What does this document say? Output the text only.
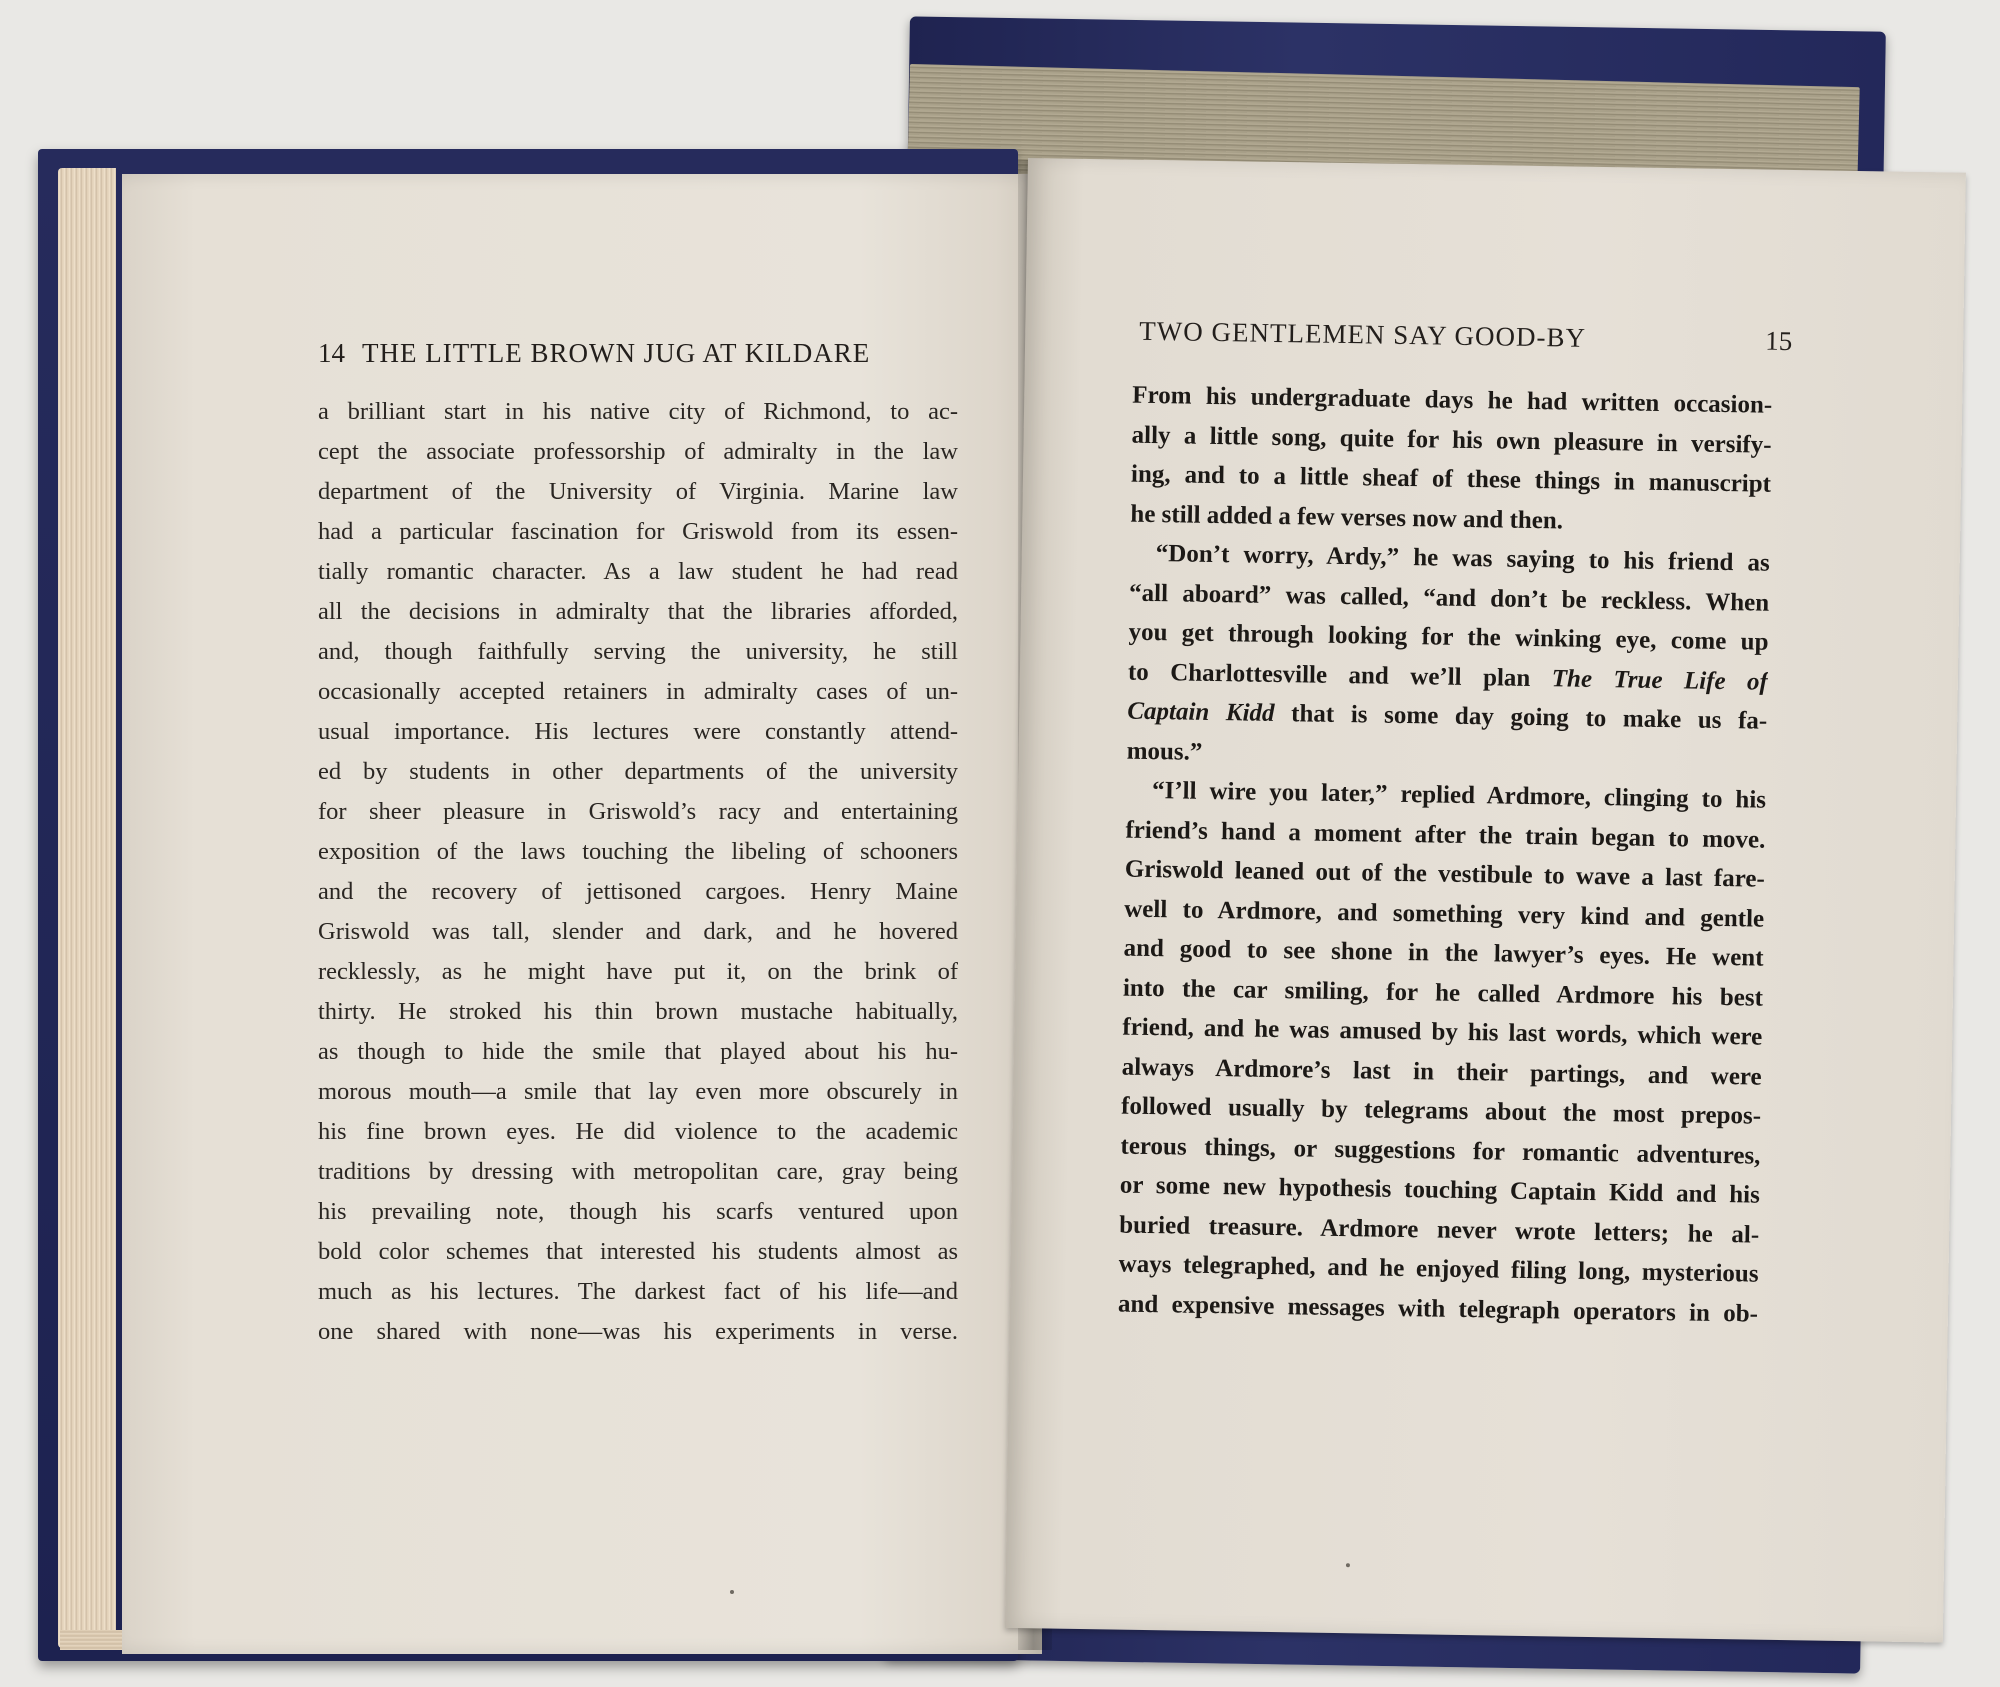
14 THE LITTLE BROWN JUG AT KILDARE
a brilliant start in his native city of Richmond, to ac-
cept the associate professorship of admiralty in the law
department of the University of Virginia. Marine law
had a particular fascination for Griswold from its essen-
tially romantic character. As a law student he had read
all the decisions in admiralty that the libraries afforded,
and, though faithfully serving the university, he still
occasionally accepted retainers in admiralty cases of un-
usual importance. His lectures were constantly attend-
ed by students in other departments of the university
for sheer pleasure in Griswold’s racy and entertaining
exposition of the laws touching the libeling of schooners
and the recovery of jettisoned cargoes. Henry Maine
Griswold was tall, slender and dark, and he hovered
recklessly, as he might have put it, on the brink of
thirty. He stroked his thin brown mustache habitually,
as though to hide the smile that played about his hu-
morous mouth—a smile that lay even more obscurely in
his fine brown eyes. He did violence to the academic
traditions by dressing with metropolitan care, gray being
his prevailing note, though his scarfs ventured upon
bold color schemes that interested his students almost as
much as his lectures. The darkest fact of his life—and
one shared with none—was his experiments in verse.
TWO GENTLEMEN SAY GOOD-BY	15
From his undergraduate days he had written occasion-
ally a little song, quite for his own pleasure in versify-
ing, and to a little sheaf of these things in manuscript
he still added a few verses now and then.
“Don’t worry, Ardy,” he was saying to his friend as
“all aboard” was called, “and don’t be reckless. When
you get through looking for the winking eye, come up
to Charlottesville and we’ll plan The True Life of
Captain Kidd that is some day going to make us fa-
mous.”
“I’ll wire you later,” replied Ardmore, clinging to his
friend’s hand a moment after the train began to move.
Griswold leaned out of the vestibule to wave a last fare-
well to Ardmore, and something very kind and gentle
and good to see shone in the lawyer’s eyes. He went
into the car smiling, for he called Ardmore his best
friend, and he was amused by his last words, which were
always Ardmore’s last in their partings, and were
followed usually by telegrams about the most prepos-
terous things, or suggestions for romantic adventures,
or some new hypothesis touching Captain Kidd and his
buried treasure. Ardmore never wrote letters; he al-
ways telegraphed, and he enjoyed filing long, mysterious
and expensive messages with telegraph operators in ob-
